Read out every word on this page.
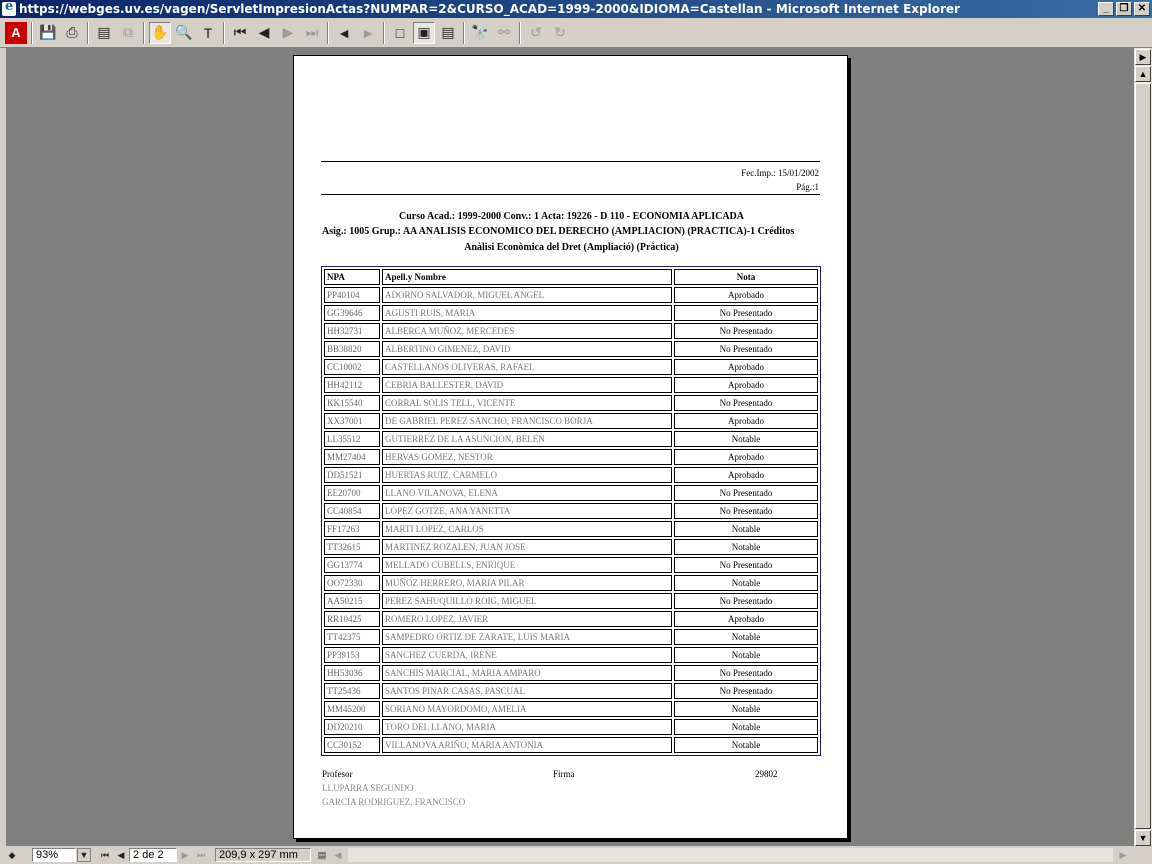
e
https://webges.uv.es/vagen/ServletImpresionActas?NUMPAR=2&CURSO_ACAD=1999-2000&IDIOMA=Castellan - Microsoft Internet Explorer	_	❐ ✕
A	💾 ⎙	▤ ⧉	✋ 🔍 T	⏮ ◀ ▶ ⏭	◄ ►	□ ▣ ▤	🔭 ⚯	↺ ↻
Fec.Imp.: 15/01/2002
Pág.:1
Curso Acad.: 1999-2000 Conv.: 1 Acta: 19226 - D 110 - ECONOMIA APLICADA
Asig.: 1005 Grup.: AA ANALISIS ECONOMICO DEL DERECHO (AMPLIACION) (PRACTICA)-1 Créditos
Anàlisi Econòmica del Dret (Ampliació) (Pràctica)
NPA	Apell.y Nombre	Nota
PP40104	ADORNO SALVADOR, MIGUEL ANGEL	Aprobado
GG39646	AGUSTI RUIS, MARIA	No Presentado
HH32731	ALBERCA MUÑOZ, MERCEDES	No Presentado
BB38820	ALBERTINO GIMENEZ, DAVID	No Presentado
CC10002	CASTELLANOS OLIVERAS, RAFAEL	Aprobado
HH42112	CEBRIA BALLESTER, DAVID	Aprobado
KK15540	CORRAL SOLIS TELL, VICENTE	No Presentado
XX37001	DE GABRIEL PEREZ SANCHO, FRANCISCO BORJA	Aprobado
LL35512	GUTIERREZ DE LA ASUNCION, BELEN	Notable
MM27404	HERVAS GOMEZ, NESTOR	Aprobado
DD51521	HUERTAS RUIZ, CARMELO	Aprobado
EE20700	LLANO VILANOVA, ELENA	No Presentado
CC40854	LOPEZ GOTZE, ANA YANETTA	No Presentado
FF17263	MARTI LOPEZ, CARLOS	Notable
TT32615	MARTINEZ ROZALEN, JUAN JOSE	Notable
GG13774	MELLADO CUBELLS, ENRIQUE	No Presentado
OO72330	MUÑOZ HERRERO, MARIA PILAR	Notable
AA50215	PEREZ SAHUQUILLO ROIG, MIGUEL	No Presentado
RR10425	ROMERO LOPEZ, JAVIER	Aprobado
TT42375	SAMPEDRO ORTIZ DE ZARATE, LUIS MARIA	Notable
PP39153	SANCHEZ CUERDA, IRENE	Notable
HH53036	SANCHIS MARCIAL, MARIA AMPARO	No Presentado
TT25436	SANTOS PINAR CASAS, PASCUAL	No Presentado
MM45200	SORIANO MAYORDOMO, AMELIA	Notable
DD20210	TORO DEL LLANO, MARIA	Notable
CC30152	VILLANOVA ARIÑO, MARIA ANTONIA	Notable
Profesor	Firma	29802
LLUPARRA SEGUNDO
GARCIA RODRIGUEZ, FRANCISCO
▶
▲
▼
◆	93%	▼	⏮ ◀ 2 de 2	▶ ⏭	209,9 x 297 mm	▤ ◀	▶
